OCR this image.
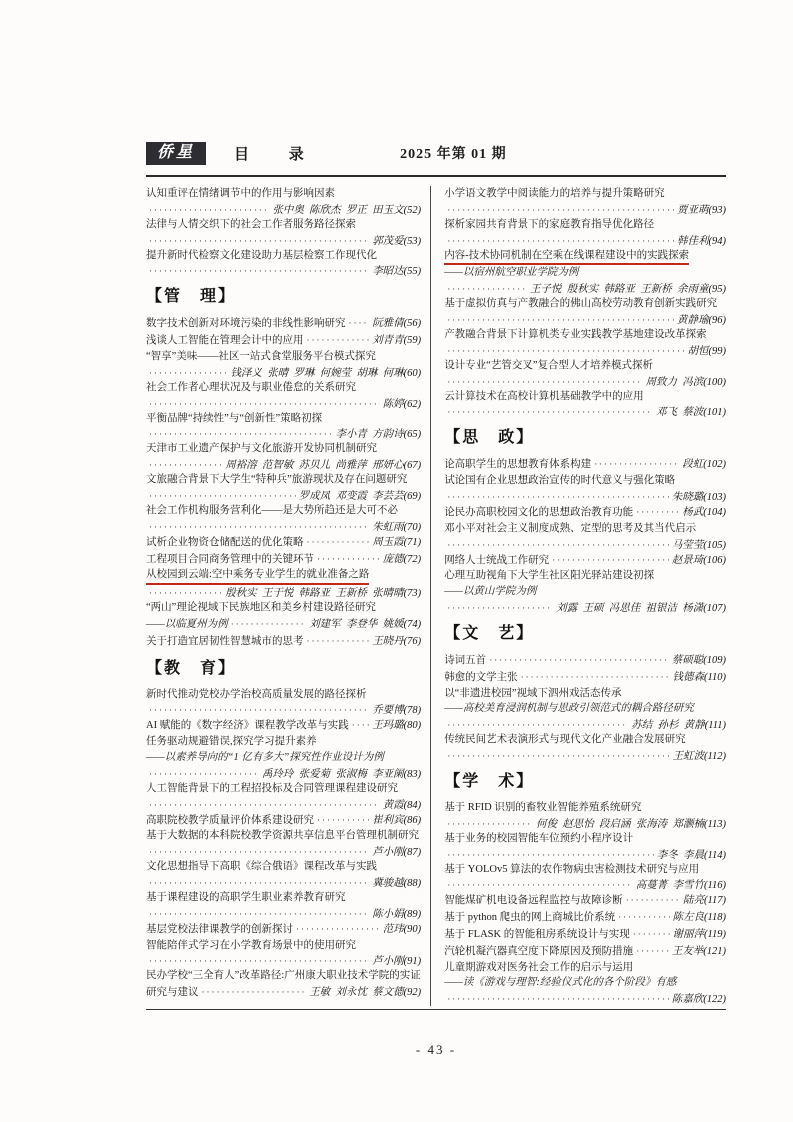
侨星	目 录	2025 年第 01 期
认知重评在情绪调节中的作用与影响因素
·····
张中奥  陈欣杰  罗正  田玉文(52)
法律与人情交织下的社会工作者服务路径探索
·····
郭茂爱(53)
提升新时代检察文化建设助力基层检察工作现代化
·····
李昭达(55)
【管　理】
数字技术创新对环境污染的非线性影响研究 ·····	阮雅倩(56)
浅谈人工智能在管理会计中的应用 ·····	刘青青(59)
“智享”美味——社区一站式食堂服务平台模式探究
·····
钱泽义  张晴  罗琳  何婉莹  胡琳  何琳(60)
社会工作者心理状况及与职业倦怠的关系研究
·····
陈婷(62)
平衡品牌“持续性”与“创新性”策略初探
·····
李小青  方韵诗(65)
天津市工业遗产保护与文化旅游开发协同机制研究
·····
周裕溶  范智敏  苏贝儿  尚雅萍  邢妍心(67)
文旅融合背景下大学生“特种兵”旅游现状及存在问题研究
·····
罗成凤  邓变霞  李芸芸(69)
社会工作机构服务营利化——是大势所趋还是大可不必
·····
朱虹雨(70)
试析企业物资仓储配送的优化策略 ·····	周玉霞(71)
工程项目合同商务管理中的关键环节 ·····	庞德(72)
从校园到云端:空中乘务专业学生的就业准备之路
·····
殷秋实  王于悦  韩路亚  王新桥  张晴晴(73)
“两山”理论视域下民族地区和美乡村建设路径研究
——以临夏州为例 ·····	刘建军  李登华  姚媛(74)
关于打造宜居韧性智慧城市的思考 ·····	王晓丹(76)
【教　育】
新时代推动党校办学治校高质量发展的路径探析
·····
乔要博(78)
AI 赋能的《数字经济》课程教学改革与实践 ····· 王玛璐(80)
任务驱动规避错误,探究学习提升素养
——以素养导向的“1 亿有多大”探究性作业设计为例
·····
禹玲玲  张爱菊  张淑梅  李亚阑(83)
人工智能背景下的工程招投标及合同管理课程建设研究
·····
黄霞(84)
高职院校教学质量评价体系建设研究 ·····	崔利宾(86)
基于大数据的本科院校教学资源共享信息平台管理机制研究
·····
芦小刚(87)
文化思想指导下高职《综合俄语》课程改革与实践
·····
冀骏越(88)
基于课程建设的高职学生职业素养教育研究
·····
陈小娟(89)
基层党校法律课教学的创新探讨 ·····	范玮(90)
智能陪伴式学习在小学教育场景中的使用研究
·····
芦小刚(91)
民办学校“三全育人”改革路径:广州康大职业技术学院的实证
研究与建议 ·····	王敏  刘永忱  蔡文德(92)
小学语文教学中阅读能力的培养与提升策略研究
·····
贾亚萌(93)
探析家园共育背景下的家庭教育指导优化路径
·····
韩佳利(94)
内容-技术协同机制在空乘在线课程建设中的实践探索
——以宿州航空职业学院为例
·····
王子悦  殷秋实  韩路亚  王新桥  余雨童(95)
基于虚拟仿真与产教融合的佛山高校劳动教育创新实践研究
·····
黄静瑜(96)
产教融合背景下计算机类专业实践教学基地建设改革探索
·····
胡恒(99)
设计专业“艺管交叉”复合型人才培养模式探析
·····
周致力  冯滨(100)
云计算技术在高校计算机基础教学中的应用
·····
邓飞  蔡波(101)
【思　政】
论高职学生的思想教育体系构建 ·····	段虹(102)
试论国有企业思想政治宣传的时代意义与强化策略
·····
朱晓璐(103)
论民办高职校园文化的思想政治教育功能 ·····	杨武(104)
邓小平对社会主义制度成熟、定型的思考及其当代启示
·····
马莹莹(105)
网络人士统战工作研究 ·····	赵景琦(106)
心理互助视角下大学生社区阳光驿站建设初探
——以黄山学院为例
·····
刘露  王硕  冯思佳  祖银洁  杨潇(107)
【文　艺】
诗词五首 ·····	蔡硕聪(109)
韩愈的文学主张 ·····	钱德森(110)
以“非遗进校园”视域下泗州戏活态传承
——高校美育浸润机制与思政引领范式的耦合路径研究
·····
苏结  孙杉  黄静(111)
传统民间艺术表演形式与现代文化产业融合发展研究
·····
王虹波(112)
【学　术】
基于 RFID 识别的畜牧业智能养殖系统研究
·····
何俊  赵思怡  段启涵  张海涛  郑灏楠(113)
基于业务的校园智能车位预约小程序设计
·····
李冬  李晨(114)
基于 YOLOv5 算法的农作物病虫害检测技术研究与应用
·····
高蔓菁  李雪竹(116)
智能煤矿机电设备远程监控与故障诊断 ·····	陆亮(117)
基于 python 爬虫的网上商城比价系统 ·····	陈左良(118)
基于 FLASK 的智能租房系统设计与实现 ·····	谢丽萍(119)
汽轮机凝汽器真空度下降原因及预防措施 ·····	王友举(121)
儿童期游戏对医务社会工作的启示与运用
——读《游戏与理智:经验仪式化的各个阶段》有感
·····
陈嘉欣(122)
- 43 -
